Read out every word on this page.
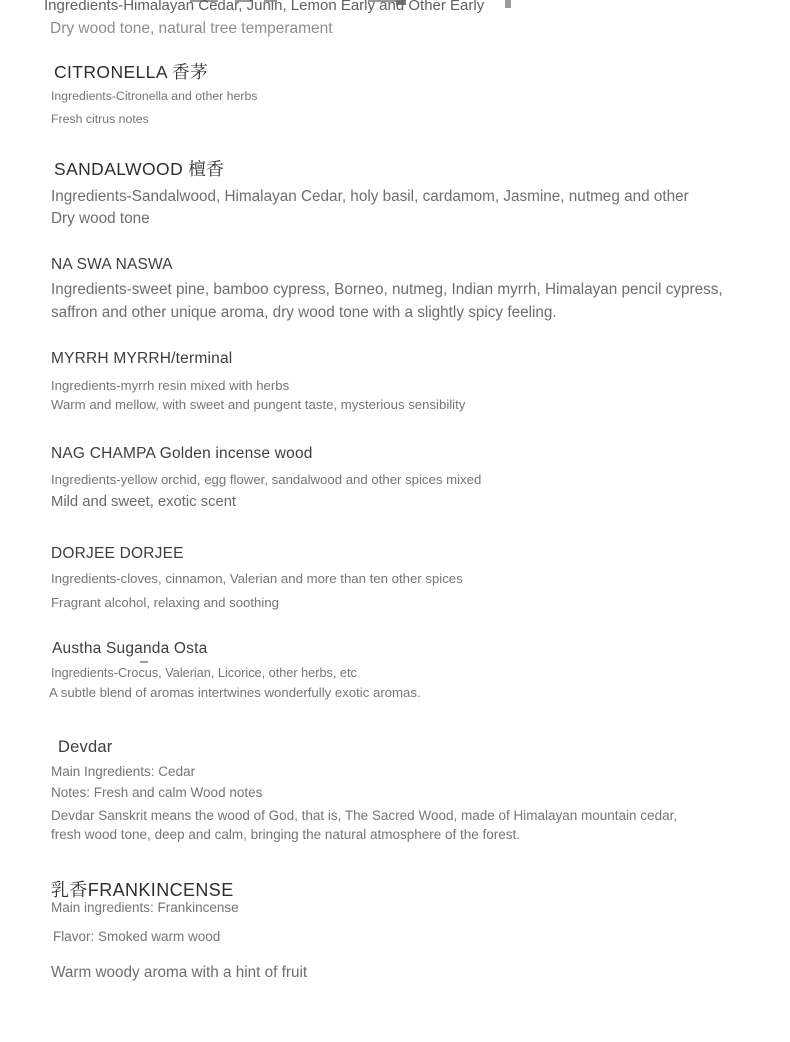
Ingredients-Himalayan Cedar, Junin, Lemon Early and Other Early
Dry wood tone, natural tree temperament
CITRONELLA 香茅
Ingredients-Citronella and other herbs
Fresh citrus notes
SANDALWOOD 檀香
Ingredients-Sandalwood, Himalayan Cedar, holy basil, cardamom, Jasmine, nutmeg and other
Dry wood tone
NA SWA NASWA
Ingredients-sweet pine, bamboo cypress, Borneo, nutmeg, Indian myrrh, Himalayan pencil cypress,
saffron and other unique aroma, dry wood tone with a slightly spicy feeling.
MYRRH MYRRH/terminal
Ingredients-myrrh resin mixed with herbs
Warm and mellow, with sweet and pungent taste, mysterious sensibility
NAG CHAMPA Golden incense wood
Ingredients-yellow orchid, egg flower, sandalwood and other spices mixed
Mild and sweet, exotic scent
DORJEE DORJEE
Ingredients-cloves, cinnamon, Valerian and more than ten other spices
Fragrant alcohol, relaxing and soothing
Austha Suganda Osta
Ingredients-Crocus, Valerian, Licorice, other herbs, etc
A subtle blend of aromas intertwines wonderfully exotic aromas.
Devdar
Main Ingredients: Cedar
Notes: Fresh and calm Wood notes
Devdar Sanskrit means the wood of God, that is, The Sacred Wood, made of Himalayan mountain cedar,
fresh wood tone, deep and calm, bringing the natural atmosphere of the forest.
乳香FRANKINCENSE
Main ingredients: Frankincense
Flavor: Smoked warm wood
Warm woody aroma with a hint of fruit
